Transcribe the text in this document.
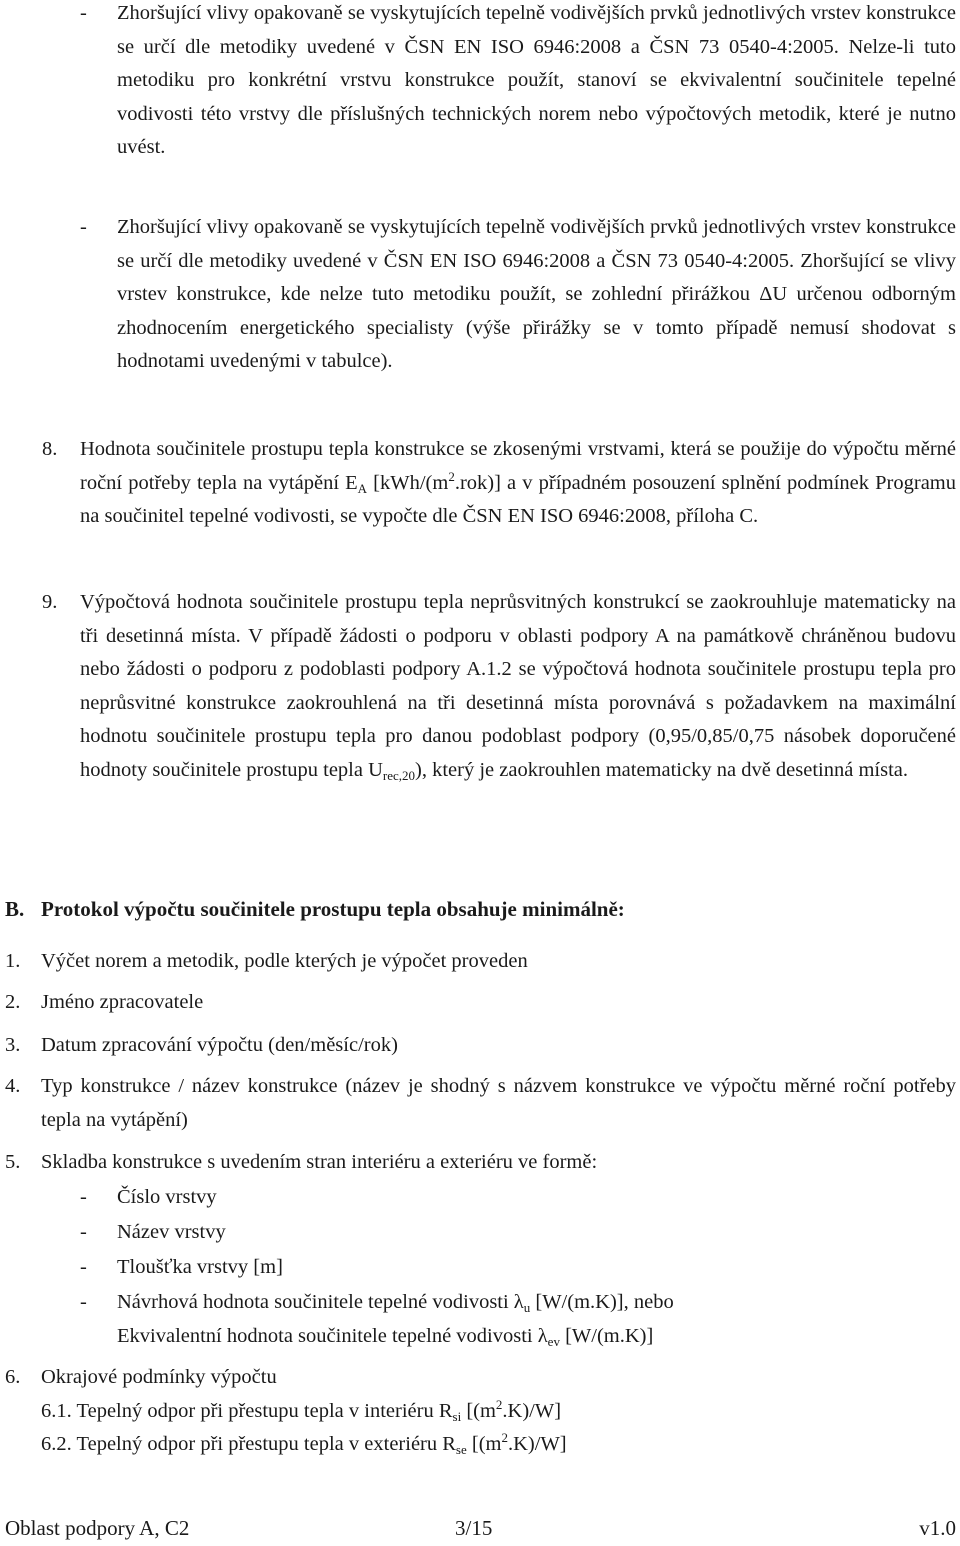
- Zhoršující vlivy opakovaně se vyskytujících tepelně vodivějších prvků jednotlivých vrstev konstrukce se určí dle metodiky uvedené v ČSN EN ISO 6946:2008 a ČSN 73 0540-4:2005. Nelze-li tuto metodiku pro konkrétní vrstvu konstrukce použít, stanoví se ekvivalentní součinitele tepelné vodivosti této vrstvy dle příslušných technických norem nebo výpočtových metodik, které je nutno uvést.
- Zhoršující vlivy opakovaně se vyskytujících tepelně vodivějších prvků jednotlivých vrstev konstrukce se určí dle metodiky uvedené v ČSN EN ISO 6946:2008 a ČSN 73 0540-4:2005. Zhoršující se vlivy vrstev konstrukce, kde nelze tuto metodiku použít, se zohlední přirážkou ΔU určenou odborným zhodnocením energetického specialisty (výše přirážky se v tomto případě nemusí shodovat s hodnotami uvedenými v tabulce).
8. Hodnota součinitele prostupu tepla konstrukce se zkosenými vrstvami, která se použije do výpočtu měrné roční potřeby tepla na vytápění $E_A$ $[kWh/(m^2.rok)]$ a v případném posouzení splnění podmínek Programu na součinitel tepelné vodivosti, se vypočte dle ČSN EN ISO 6946:2008, příloha C.
9. Výpočtová hodnota součinitele prostupu tepla neprůsvitných konstrukcí se zaokrouhluje matematicky na tři desetinná místa. V případě žádosti o podporu v oblasti podpory A na památkově chráněnou budovu nebo žádosti o podporu z podoblasti podpory A.1.2 se výpočtová hodnota součinitele prostupu tepla pro neprůsvitné konstrukce zaokrouhlená na tři desetinná místa porovnává s požadavkem na maximální hodnotu součinitele prostupu tepla pro danou podoblast podpory (0,95/0,85/0,75 násobek doporučené hodnoty součinitele prostupu tepla $U_{rec,20}$), který je zaokrouhlen matematicky na dvě desetinná místa.
B. Protokol výpočtu součinitele prostupu tepla obsahuje minimálně:
1. Výčet norem a metodik, podle kterých je výpočet proveden
2. Jméno zpracovatele
3. Datum zpracování výpočtu (den/měsíc/rok)
4. Typ konstrukce / název konstrukce (název je shodný s názvem konstrukce ve výpočtu měrné roční potřeby tepla na vytápění)
5. Skladba konstrukce s uvedením stran interiéru a exteriéru ve formě:
- Číslo vrstvy
- Název vrstvy
- Tloušťka vrstvy [m]
- Návrhová hodnota součinitele tepelné vodivosti $\lambda_u$ [W/(m.K)], nebo
Ekvivalentní hodnota součinitele tepelné vodivosti $\lambda_{ev}$ [W/(m.K)]
6. Okrajové podmínky výpočtu
6.1. Tepelný odpor při přestupu tepla v interiéru $R_{si}$ $[(m^2.K)/W]$
6.2. Tepelný odpor při přestupu tepla v exteriéru $R_{se}$ $[(m^2.K)/W]$
Oblast podpory A, C2	3/15	v1.0
